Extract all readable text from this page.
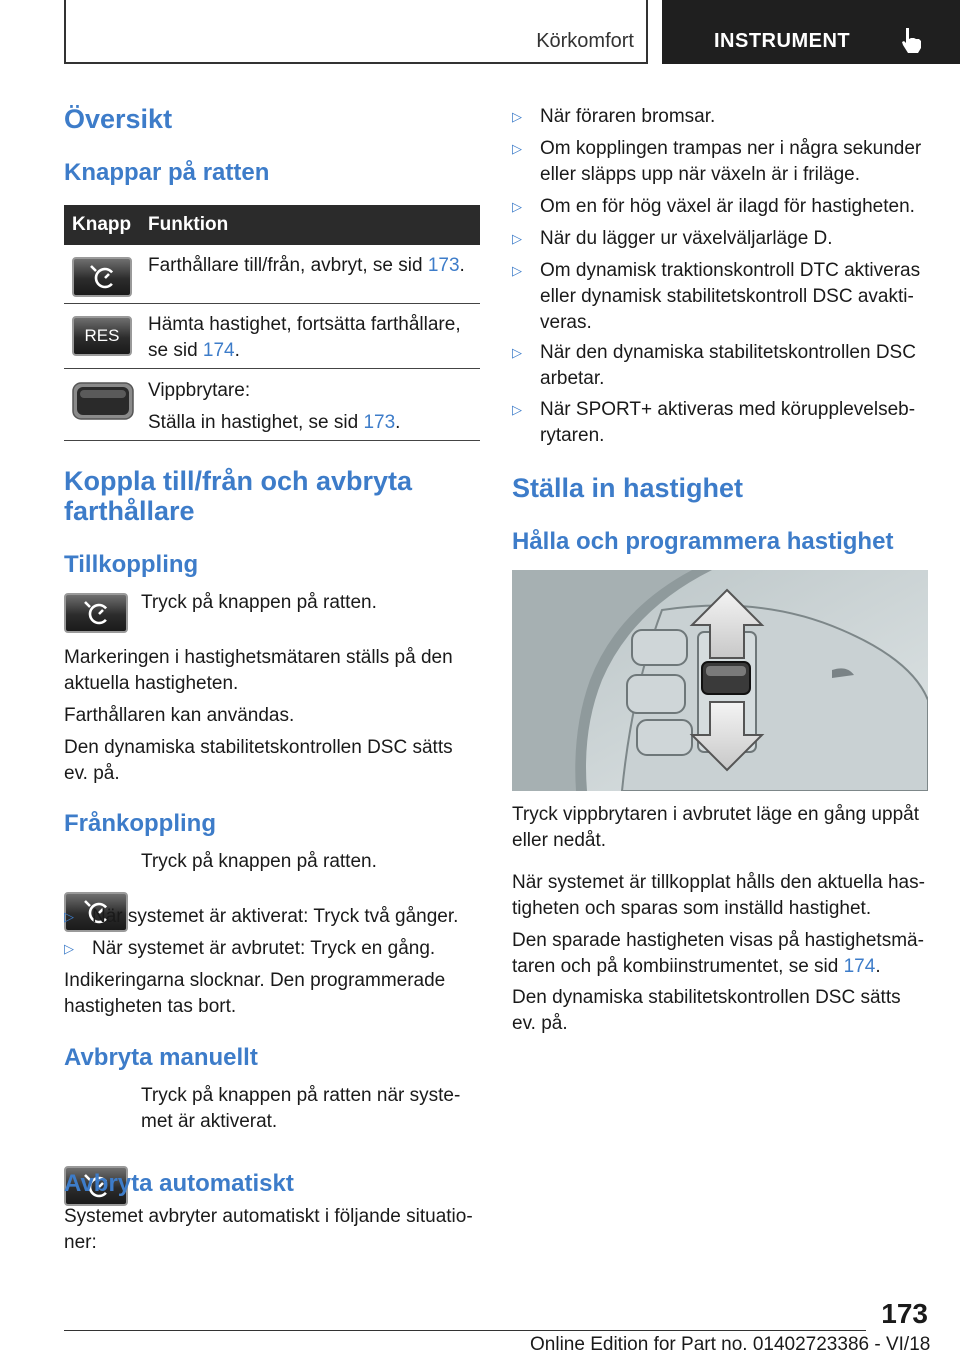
Körkomfort	INSTRUMENT
Översikt
Knappar på ratten
Knapp Funktion
Farthållare till/från, avbryt, se sid 173.
RES
Hämta hastighet, fortsätta farthållare,
se sid 174.
Vippbrytare:
Ställa in hastighet, se sid 173.
Koppla till/från och avbryta
farthållare
Tillkoppling
Tryck på knappen på ratten.
Markeringen i hastighetsmätaren ställs på den
aktuella hastigheten.
Farthållaren kan användas.
Den dynamiska stabilitetskontrollen DSC sätts
ev. på.
Frånkoppling
Tryck på knappen på ratten.
▷ När systemet är aktiverat: Tryck två gånger.
▷ När systemet är avbrutet: Tryck en gång.
Indikeringarna slocknar. Den programmerade
hastigheten tas bort.
Avbryta manuellt
Tryck på knappen på ratten när syste‐
met är aktiverat.
Avbryta automatiskt
Systemet avbryter automatiskt i följande situatio‐
ner:
▷ När föraren bromsar.
▷ Om kopplingen trampas ner i några sekunder
eller släpps upp när växeln är i friläge.
▷ Om en för hög växel är ilagd för hastigheten.
▷ När du lägger ur växelväljarläge D.
▷ Om dynamisk traktionskontroll DTC aktiveras
eller dynamisk stabilitetskontroll DSC avakti‐
veras.
▷ När den dynamiska stabilitetskontrollen DSC
arbetar.
▷ När SPORT+ aktiveras med körupplevelseb‐
rytaren.
Ställa in hastighet
Hålla och programmera hastighet
Tryck vippbrytaren i avbrutet läge en gång uppåt
eller nedåt.
När systemet är tillkopplat hålls den aktuella has‐
tigheten och sparas som inställd hastighet.
Den sparade hastigheten visas på hastighetsmä‐
taren och på kombiinstrumentet, se sid 174.
Den dynamiska stabilitetskontrollen DSC sätts
ev. på.
173
Online Edition for Part no. 01402723386 - VI/18
